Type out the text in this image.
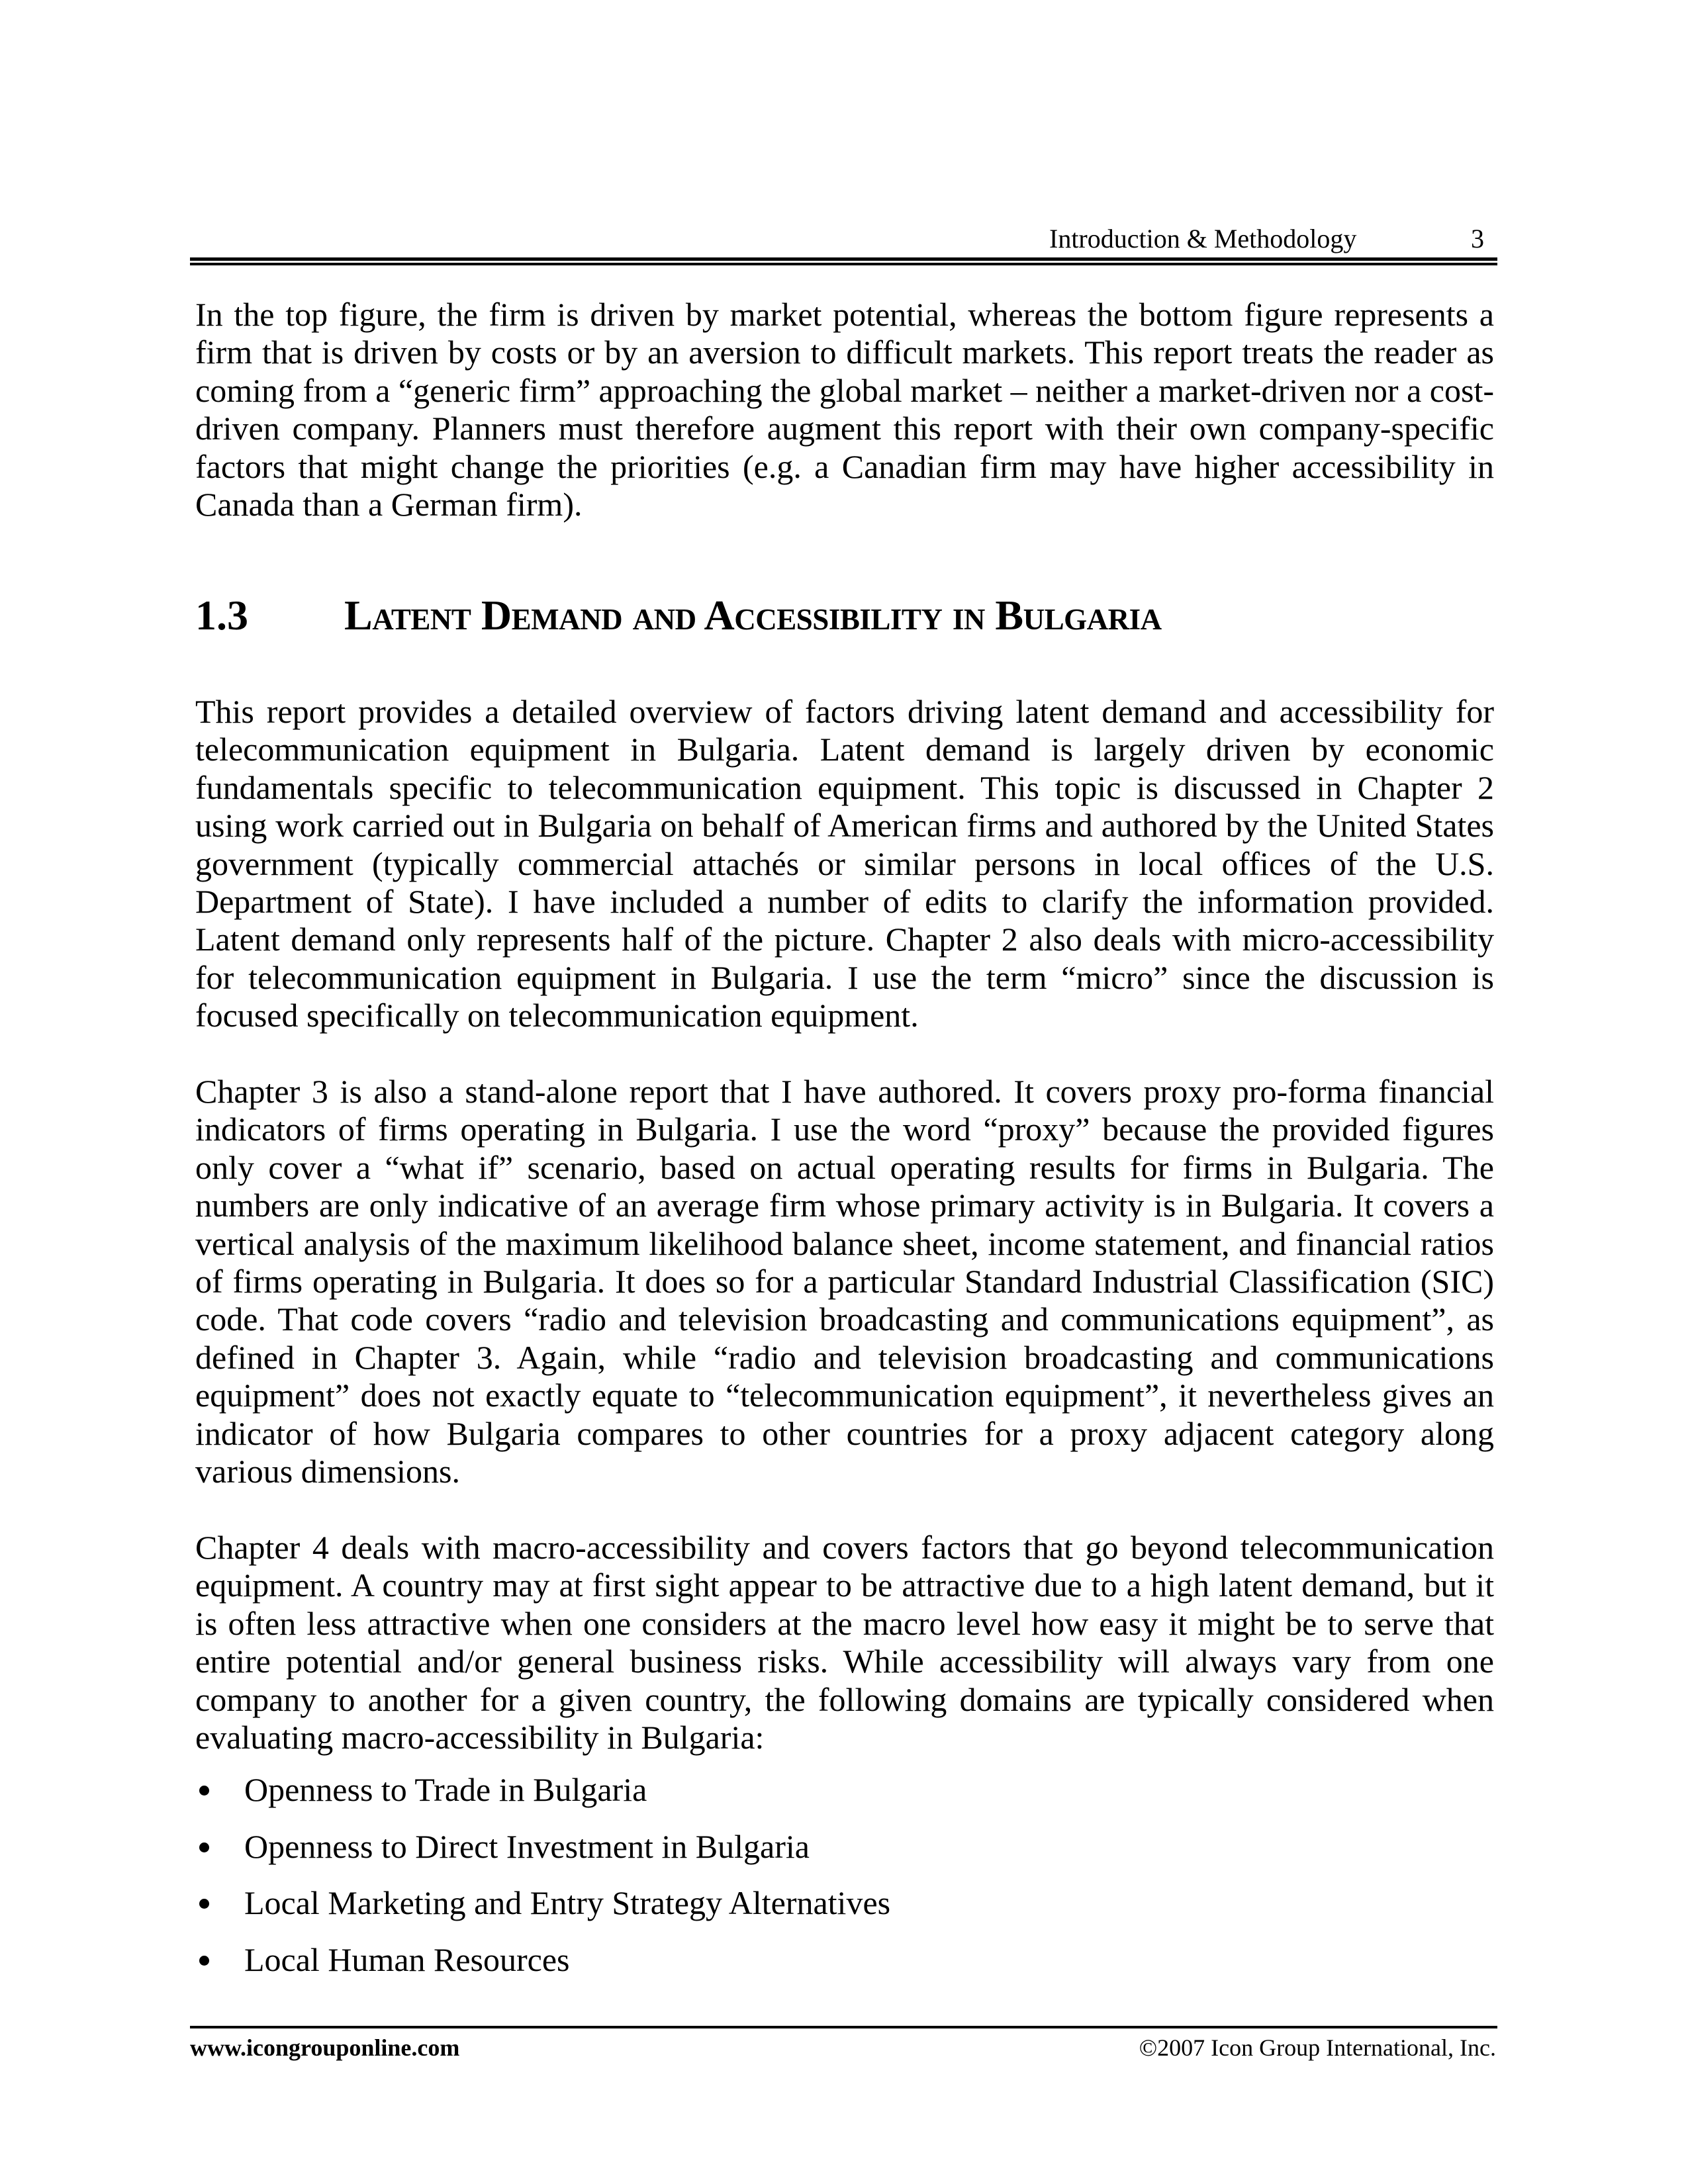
Introduction & Methodology	3
In the top figure, the firm is driven by market potential, whereas the bottom figure represents a
firm that is driven by costs or by an aversion to difficult markets. This report treats the reader as
coming from a “generic firm” approaching the global market – neither a market-driven nor a cost-
driven company. Planners must therefore augment this report with their own company-specific
factors that might change the priorities (e.g. a Canadian firm may have higher accessibility in
Canada than a German firm).
1.3 Latent Demand and Accessibility in Bulgaria
This report provides a detailed overview of factors driving latent demand and accessibility for
telecommunication equipment in Bulgaria. Latent demand is largely driven by economic
fundamentals specific to telecommunication equipment. This topic is discussed in Chapter 2
using work carried out in Bulgaria on behalf of American firms and authored by the United States
government (typically commercial attachés or similar persons in local offices of the U.S.
Department of State). I have included a number of edits to clarify the information provided.
Latent demand only represents half of the picture. Chapter 2 also deals with micro-accessibility
for telecommunication equipment in Bulgaria. I use the term “micro” since the discussion is
focused specifically on telecommunication equipment.
Chapter 3 is also a stand-alone report that I have authored. It covers proxy pro-forma financial
indicators of firms operating in Bulgaria. I use the word “proxy” because the provided figures
only cover a “what if” scenario, based on actual operating results for firms in Bulgaria. The
numbers are only indicative of an average firm whose primary activity is in Bulgaria. It covers a
vertical analysis of the maximum likelihood balance sheet, income statement, and financial ratios
of firms operating in Bulgaria. It does so for a particular Standard Industrial Classification (SIC)
code. That code covers “radio and television broadcasting and communications equipment”, as
defined in Chapter 3. Again, while “radio and television broadcasting and communications
equipment” does not exactly equate to “telecommunication equipment”, it nevertheless gives an
indicator of how Bulgaria compares to other countries for a proxy adjacent category along
various dimensions.
Chapter 4 deals with macro-accessibility and covers factors that go beyond telecommunication
equipment. A country may at first sight appear to be attractive due to a high latent demand, but it
is often less attractive when one considers at the macro level how easy it might be to serve that
entire potential and/or general business risks. While accessibility will always vary from one
company to another for a given country, the following domains are typically considered when
evaluating macro-accessibility in Bulgaria:
Openness to Trade in Bulgaria
Openness to Direct Investment in Bulgaria
Local Marketing and Entry Strategy Alternatives
Local Human Resources
www.icongrouponline.com	©2007 Icon Group International, Inc.
